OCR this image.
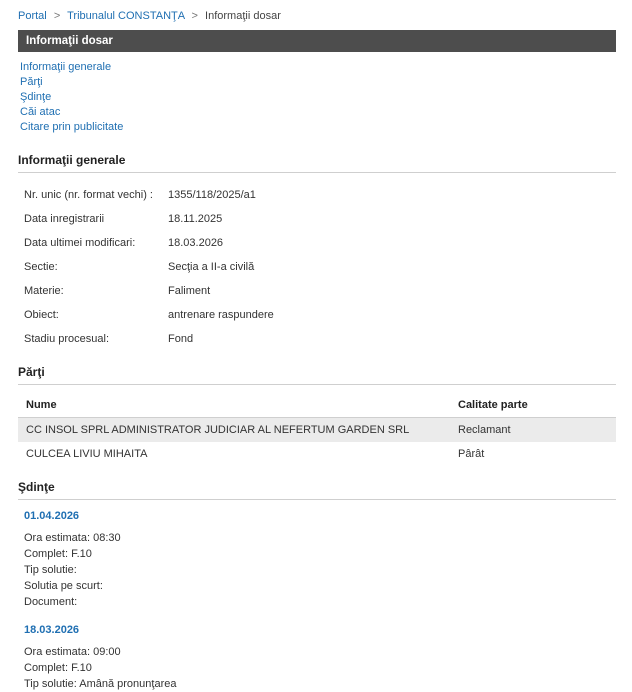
Portal > Tribunalul CONSTANŢA > Informaţii dosar
Informaţii dosar
Informaţii generale
Părţi
Şdinţe
Căi atac
Citare prin publicitate
Informaţii generale
Nr. unic (nr. format vechi) :	1355/118/2025/a1
Data inregistrarii	18.11.2025
Data ultimei modificari:	18.03.2026
Sectie:	Secţia a II-a civilă
Materie:	Faliment
Obiect:	antrenare raspundere
Stadiu procesual:	Fond
Părţi
Nume	Calitate parte
CC INSOL SPRL ADMINISTRATOR JUDICIAR AL NEFERTUM GARDEN SRL	Reclamant
CULCEA LIVIU MIHAITA	Pârât
Şdinţe
01.04.2026
Ora estimata: 08:30
Complet: F.10
Tip solutie:
Solutia pe scurt:
Document:
18.03.2026
Ora estimata: 09:00
Complet: F.10
Tip solutie: Amână pronunţarea
